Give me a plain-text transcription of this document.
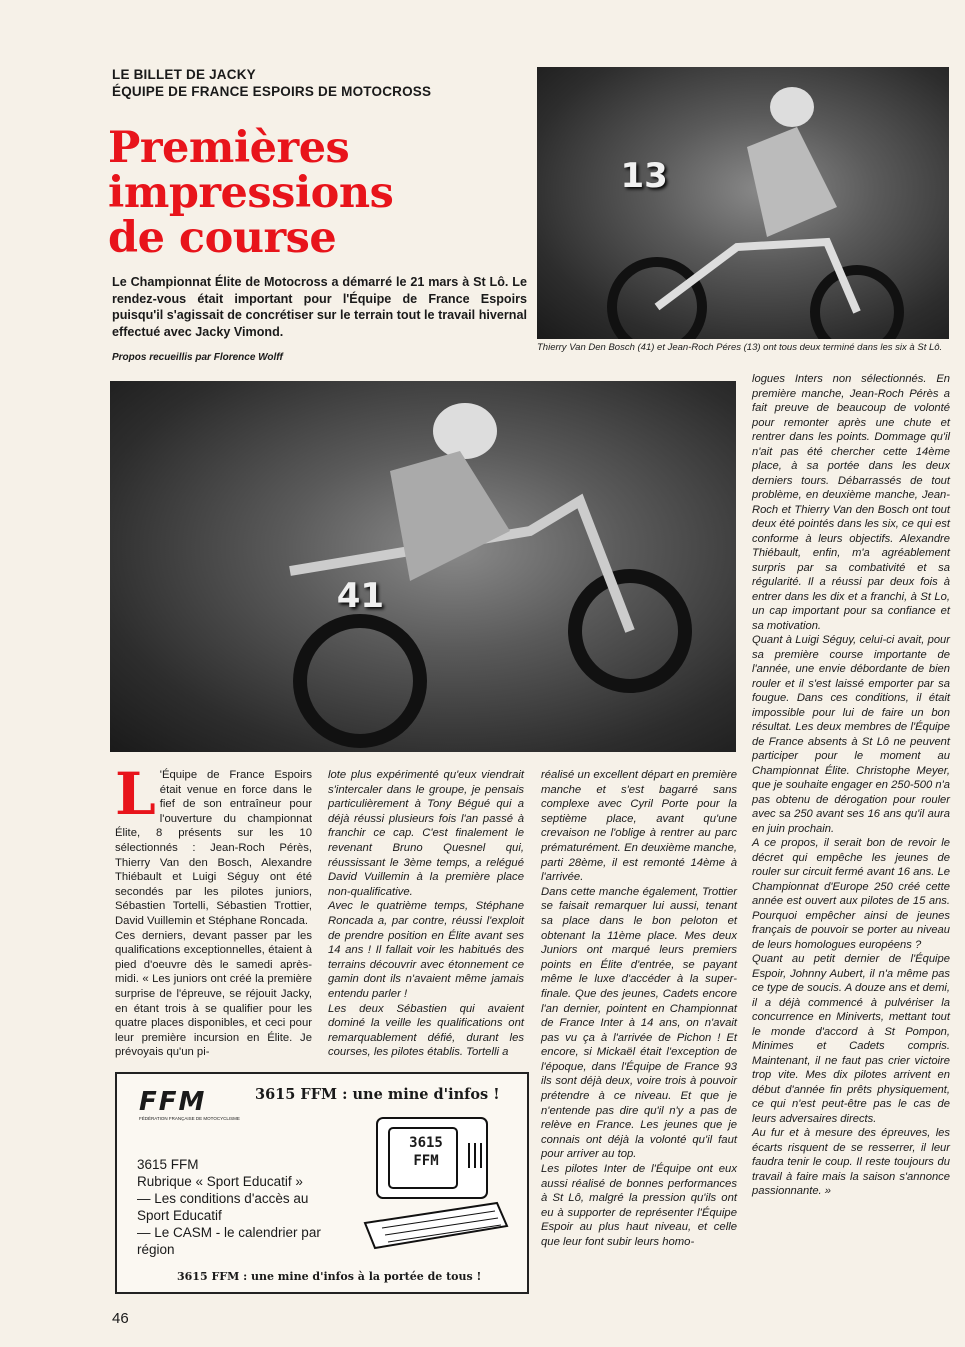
LE BILLET DE JACKY
ÉQUIPE DE FRANCE ESPOIRS DE MOTOCROSS
Premières
impressions
de course
Le Championnat Élite de Motocross a démarré le 21 mars à St Lô. Le rendez-vous était important pour l'Équipe de France Espoirs puisqu'il s'agissait de concrétiser sur le terrain tout le travail hivernal effectué avec Jacky Vimond.
Propos recueillis par Florence Wolff
13
Thierry Van Den Bosch (41) et Jean-Roch Péres (13) ont tous deux terminé dans les six à St Lô.
41

L 'Équipe de France Espoirs était venue en force dans le fief de son entraîneur pour l'ouverture du championnat Élite, 8 présents sur les 10 sélectionnés : Jean-Roch Pérès, Thierry Van den Bosch, Alexandre Thiébault et Luigi Séguy ont été secondés par les pilotes juniors, Sébastien Tortelli, Sébastien Trottier, David Vuillemin et Stéphane Roncada.

Ces derniers, devant passer par les qualifications exceptionnelles, étaient à pied d'oeuvre dès le samedi après-midi. « Les juniors ont créé la première surprise de l'épreuve, se réjouit Jacky, en étant trois à se qualifier pour les quatre places disponibles, et ceci pour leur première incursion en Élite. Je prévoyais qu'un pi-

lote plus expérimenté qu'eux viendrait s'intercaler dans le groupe, je pensais particulièrement à Tony Bégué qui a déjà réussi plusieurs fois l'an passé à franchir ce cap. C'est finalement le revenant Bruno Quesnel qui, réussissant le 3ème temps, a relégué David Vuillemin à la première place non-qualificative.

Avec le quatrième temps, Stéphane Roncada a, par contre, réussi l'exploit de prendre position en Élite avant ses 14 ans ! Il fallait voir les habitués des terrains découvrir avec étonnement ce gamin dont ils n'avaient même jamais entendu parler !

Les deux Sébastien qui avaient dominé la veille les qualifications ont remarquablement défié, durant les courses, les pilotes établis. Tortelli a

réalisé un excellent départ en première manche et s'est bagarré sans complexe avec Cyril Porte pour la septième place, avant qu'une crevaison ne l'oblige à rentrer au parc prématurément. En deuxième manche, parti 28ème, il est remonté 14ème à l'arrivée.

Dans cette manche également, Trottier se faisait remarquer lui aussi, tenant sa place dans le bon peloton et obtenant la 11ème place. Mes deux Juniors ont marqué leurs premiers points en Élite d'entrée, se payant même le luxe d'accéder à la super-finale. Que des jeunes, Cadets encore l'an dernier, pointent en Championnat de France Inter à 14 ans, on n'avait pas vu ça à l'arrivée de Pichon ! Et encore, si Mickaël était l'exception de l'époque, dans l'Équipe de France 93 ils sont déjà deux, voire trois à pouvoir prétendre à ce niveau. Et que je n'entende pas dire qu'il n'y a pas de relève en France. Les jeunes que je connais ont déjà la volonté qu'il faut pour arriver au top.

Les pilotes Inter de l'Équipe ont eux aussi réalisé de bonnes performances à St Lô, malgré la pression qu'ils ont eu à supporter de représenter l'Équipe Espoir au plus haut niveau, et celle que leur font subir leurs homo-

logues Inters non sélectionnés. En première manche, Jean-Roch Pérès a fait preuve de beaucoup de volonté pour remonter après une chute et rentrer dans les points. Dommage qu'il n'ait pas été chercher cette 14ème place, à sa portée dans les deux derniers tours. Débarrassés de tout problème, en deuxième manche, Jean-Roch et Thierry Van den Bosch ont tout deux été pointés dans les six, ce qui est conforme à leurs objectifs. Alexandre Thiébault, enfin, m'a agréablement surpris par sa combativité et sa régularité. Il a réussi par deux fois à entrer dans les dix et a franchi, à St Lo, un cap important pour sa confiance et sa motivation.

Quant à Luigi Séguy, celui-ci avait, pour sa première course importante de l'année, une envie débordante de bien rouler et il s'est laissé emporter par sa fougue. Dans ces conditions, il était impossible pour lui de faire un bon résultat. Les deux membres de l'Équipe de France absents à St Lô ne peuvent participer pour le moment au Championnat Élite. Christophe Meyer, que je souhaite engager en 250-500 n'a pas obtenu de dérogation pour rouler avec sa 250 avant ses 16 ans qu'il aura en juin prochain.

A ce propos, il serait bon de revoir le décret qui empêche les jeunes de rouler sur circuit fermé avant 16 ans. Le Championnat d'Europe 250 créé cette année est ouvert aux pilotes de 15 ans. Pourquoi empêcher ainsi de jeunes français de pouvoir se porter au niveau de leurs homologues européens ?

Quant au petit dernier de l'Équipe Espoir, Johnny Aubert, il n'a même pas ce type de soucis. A douze ans et demi, il a déjà commencé à pulvériser la concurrence en Miniverts, mettant tout le monde d'accord à St Pompon, Minimes et Cadets compris. Maintenant, il ne faut pas crier victoire trop vite. Mes dix pilotes arrivent en début d'année fin prêts physiquement, ce qui n'est peut-être pas le cas de leurs adversaires directs.

Au fur et à mesure des épreuves, les écarts risquent de se resserrer, il leur faudra tenir le coup. Il reste toujours du travail à faire mais la saison s'annonce passionnante. »

FFM
FÉDÉRATION FRANÇAISE DE MOTOCYCLISME
3615 FFM : une mine d'infos !
3615 FFM
Rubrique « Sport Educatif »
— Les conditions d'accès au
Sport Educatif
— Le CASM - le calendrier par
région
3615
FFM
3615 FFM : une mine d'infos à la portée de tous !
46
